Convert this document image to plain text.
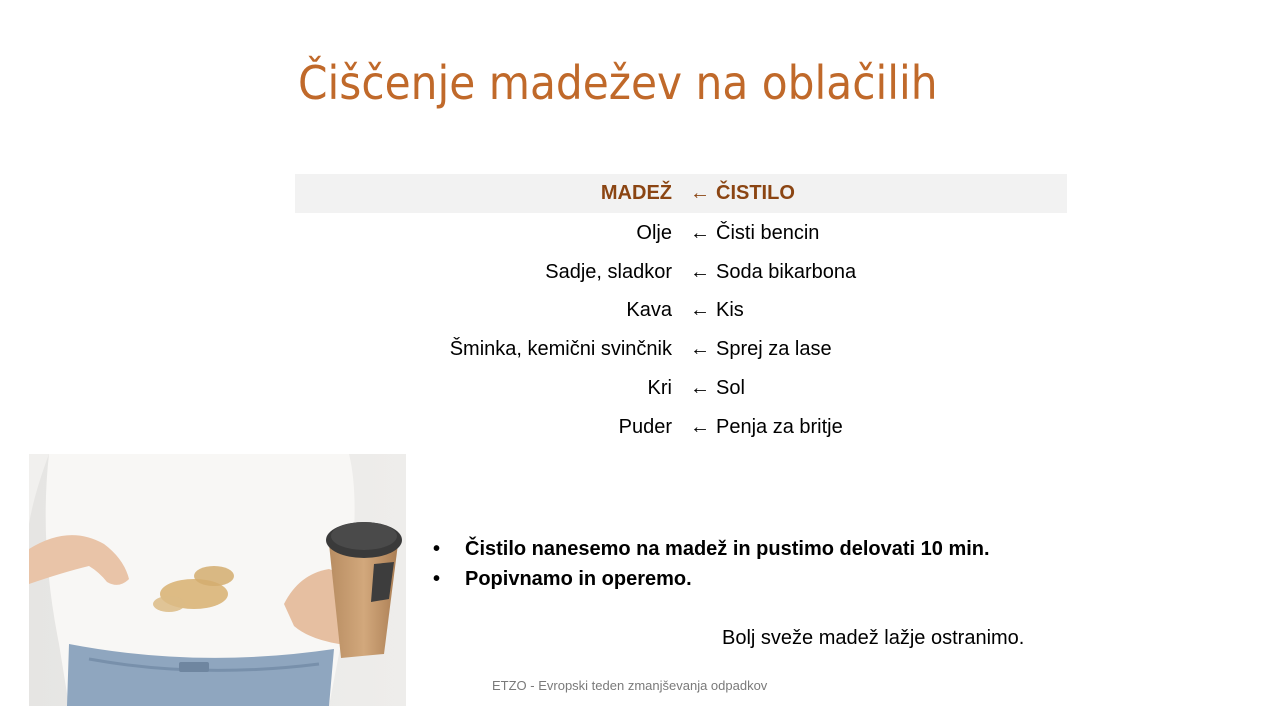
Čiščenje madežev na oblačilih
MADEŽ ← ČISTILO
Olje ← Čisti bencin
Sadje, sladkor ← Soda bikarbona
Kava ← Kis
Šminka, kemični svinčnik ← Sprej za lase
Kri ← Sol
Puder ← Penja za britje
• Čistilo nanesemo na madež in pustimo delovati 10 min.
• Popivnamo in operemo.
Bolj sveže madež lažje ostranimo.
ETZO - Evropski teden zmanjševanja odpadkov
